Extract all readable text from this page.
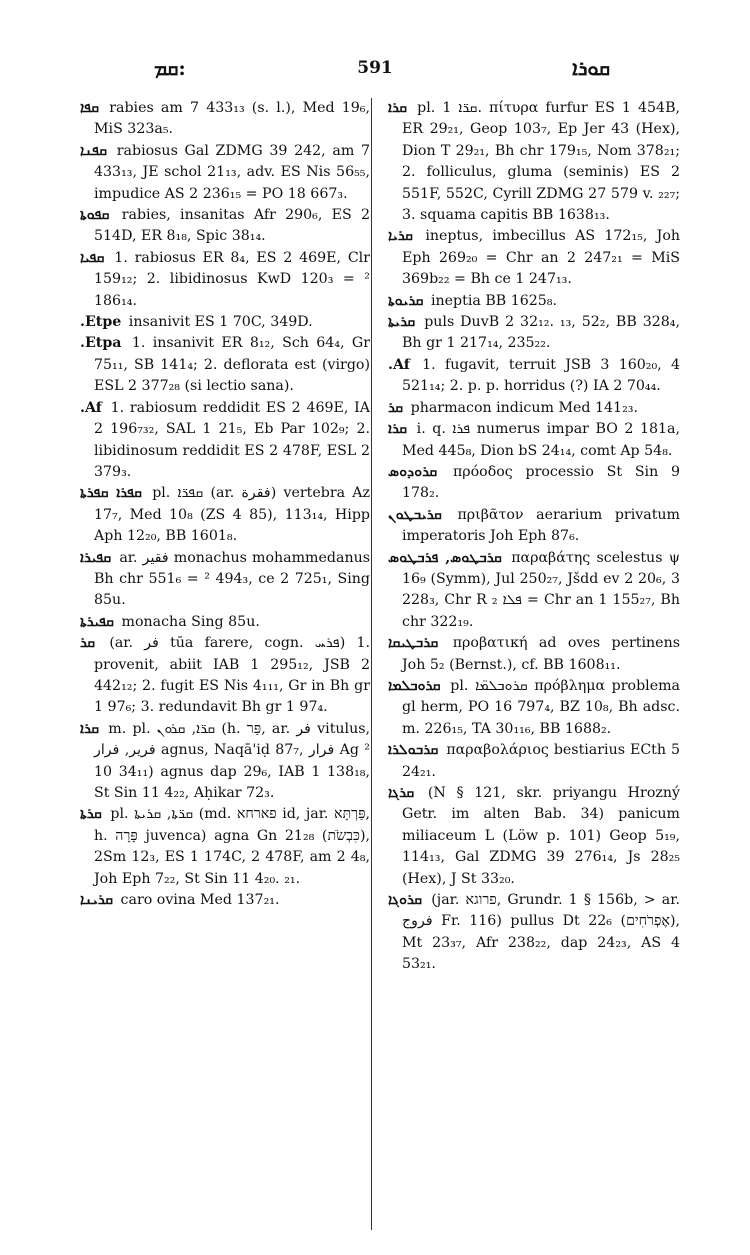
:ܩܡ	591	ܩܘܪܐ

ܩܦܐ rabies am 7 433₁₃ (s. l.), Med 19₆, MiS 323a₅.

ܩܦܢܐ rabiosus Gal ZDMG 39 242, am 7 433₁₃, JE schol 21₁₃, adv. ES Nis 56₅₅, impudice AS 2 236₁₅ = PO 18 667₃.

ܩܦܘܬܐ rabies, insanitas Afr 290₆, ES 2 514D, ER 8₁₈, Spic 38₁₄.

ܩܦܝܐ 1. rabiosus ER 8₄, ES 2 469E, Clr 159₁₂; 2. libidinosus KwD 120₃ = ² 186₁₄.

Etpe. insanivit ES 1 70C, 349D.

Etpa. 1. insanivit ER 8₁₂, Sch 64₄, Gr 75₁₁, SB 141₄; 2. deflorata est (virgo) ESL 2 377₂₈ (si lectio sana).

Af. 1. rabiosum reddidit ES 2 469E, IA 2 196₇₃₂, SAL 1 21₅, Eb Par 102₉; 2. libidinosum reddidit ES 2 478F, ESL 2 379₃.

ܩܦܪܐ ܩܦܪܬܐ pl. ܩܦܪ̈ܐ (ar. ﻓﻘﺮﺓ) vertebra Az 17₇, Med 10₈ (ZS 4 85), 113₁₄, Hipp Aph 12₂₀, BB 1601₈.

ܩܦܝܪܐ ar. ﻓﻘﻴﺮ monachus mohammedanus Bh chr 551₆ = ² 494₃, ce 2 725₁, Sing 85u.

ܩܦܝܪܬܐ monacha Sing 85u.

ܩܪ (ar. ﻓﺮ tūa farere, cogn. ܦܪܚ) 1. provenit, abiit IAB 1 295₁₂, JSB 2 442₁₂; 2. fugit ES Nis 4₁₁₁, Gr in Bh gr 1 97₆; 3. redundavit Bh gr 1 97₄.

ܩܪܐ m. pl. ܩܪ̈ܐ, ܩܪܘܢ (h. פַּר, ar. ﻓﺮ vitulus, ﻓﺮﻳﺮ, ﻓﺮﺍﺭ agnus, Naqā'iḍ 87₇, ﻓﺮﺍﺭ Ag ² 10 34₁₁) agnus dap 29₆, IAB 1 138₁₈, St Sin 11 4₂₂, Aḥikar 72₃.

ܩܪܬܐ pl. ܩܪ̈ܬܐ, ܩܪܝܬܐ (md. פארחא id, jar. פַּרְתָּא, h. פָּרָה juvenca) agna Gn 21₂₈ (כִּבְשֹׂת), 2Sm 12₃, ES 1 174C, 2 478F, am 2 4₈, Joh Eph 7₂₂, St Sin 11 4₂₀. ₂₁.

ܩܪܝܢܐ caro ovina Med 137₂₁.

ܩܪܐ pl. ܩܪ̈ܐ 1. πίτυρα furfur ES 1 454B, ER 29₂₁, Geop 103₇, Ep Jer 43 (Hex), Dion T 29₂₁, Bh chr 179₁₅, Nom 378₂₁; 2. folliculus, gluma (seminis) ES 2 551F, 552C, Cyrill ZDMG 27 579 v. ₂₂₇; 3. squama capitis BB 1638₁₃.

ܩܪܝܐ ineptus, imbecillus AS 172₁₅, Joh Eph 269₂₀ = Chr an 2 247₂₁ = MiS 369b₂₂ = Bh ce 1 247₁₃.

ܩܪܝܘܬܐ ineptia BB 1625₈.

ܩܪܝܬܐ puls DuvB 2 32₁₂. ₁₃, 52₂, BB 328₄, Bh gr 1 217₁₄, 235₂₂.

Af. 1. fugavit, terruit JSB 3 160₂₀, 4 521₁₄; 2. p. p. horridus (?) IA 2 70₄₄.

ܩܪ pharmacon indicum Med 141₂₃.

ܩܪܐ i. q. ܦܪܐ numerus impar BO 2 181a, Med 445₈, Dion bS 24₁₄, comt Ap 54₈.

ܩܪܘܕܘܣ πρόοδος processio St Sin 9 178₂.

ܩܪܝܒܛܘܢ πριβᾶτον aerarium privatum imperatoris Joh Eph 87₆.

ܩܪܒܛܘܣ, ܦܪܒܛܘܣ παραβάτης scelestus ψ 16₉ (Symm), Jul 250₂₇, Jšdd ev 2 20₆, 3 228₃, Chr R ܦܠܐ ₂ = Chr an 1 155₂₇, Bh chr 322₁₉.

ܩܪܒܛܝܩܐ προβατική ad oves pertinens Joh 5₂ (Bernst.), cf. BB 1608₁₁.

ܩܪܘܒܠܡܐ pl. ܩܪܘܒܠܡ̈ܐ πρόβλημα problema gl herm, PO 16 797₄, BZ 10₈, Bh adsc. m. 226₁₅, TA 30₁₁₆, BB 1688₂.

ܩܪܒܘܠܪܐ παραβολάριος bestiarius ECth 5 24₂₁.

ܩܪܓܐ (N § 121, skr. priyangu Hrozný Getr. im alten Bab. 34) panicum miliaceum L (Löw p. 101) Geop 5₁₉, 114₁₃, Gal ZDMG 39 276₁₄, Js 28₂₅ (Hex), J St 33₂₀.

ܩܪܘܓܐ (jar. פרוגא, Grundr. 1 § 156b, > ar. ﻓﺮﻭﺝ Fr. 116) pullus Dt 22₆ (אֶפְרֹחִים), Mt 23₃₇, Afr 238₂₂, dap 24₂₃, AS 4 53₂₁.
